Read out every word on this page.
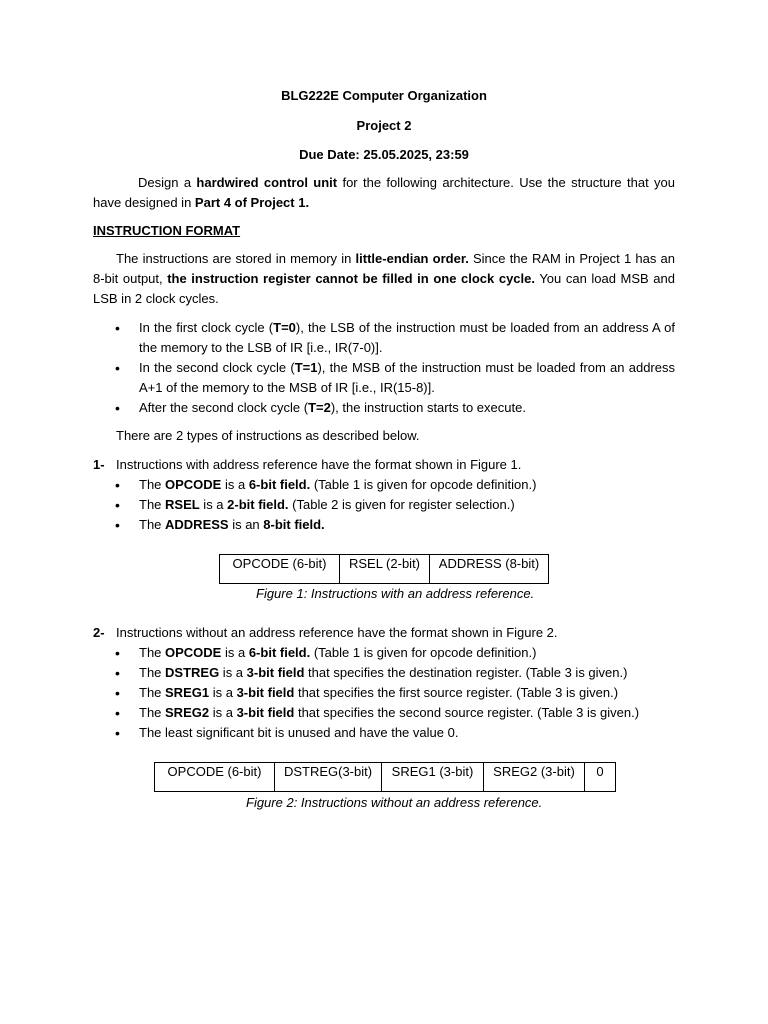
BLG222E Computer Organization
Project 2
Due Date: 25.05.2025, 23:59
Design a hardwired control unit for the following architecture. Use the structure that you have designed in Part 4 of Project 1.
INSTRUCTION FORMAT
The instructions are stored in memory in little-endian order. Since the RAM in Project 1 has an 8-bit output, the instruction register cannot be filled in one clock cycle. You can load MSB and LSB in 2 clock cycles.
• In the first clock cycle (T=0), the LSB of the instruction must be loaded from an address A of the memory to the LSB of IR [i.e., IR(7-0)].
• In the second clock cycle (T=1), the MSB of the instruction must be loaded from an address A+1 of the memory to the MSB of IR [i.e., IR(15-8)].
• After the second clock cycle (T=2), the instruction starts to execute.
There are 2 types of instructions as described below.
1- Instructions with address reference have the format shown in Figure 1.
• The OPCODE is a 6-bit field. (Table 1 is given for opcode definition.)
• The RSEL is a 2-bit field. (Table 2 is given for register selection.)
• The ADDRESS is an 8-bit field.
OPCODE (6-bit)	RSEL (2-bit)	ADDRESS (8-bit)
Figure 1: Instructions with an address reference.
2- Instructions without an address reference have the format shown in Figure 2.
• The OPCODE is a 6-bit field. (Table 1 is given for opcode definition.)
• The DSTREG is a 3-bit field that specifies the destination register. (Table 3 is given.)
• The SREG1 is a 3-bit field that specifies the first source register. (Table 3 is given.)
• The SREG2 is a 3-bit field that specifies the second source register. (Table 3 is given.)
• The least significant bit is unused and have the value 0.
OPCODE (6-bit)	DSTREG(3-bit)	SREG1 (3-bit)	SREG2 (3-bit)	0
Figure 2: Instructions without an address reference.
